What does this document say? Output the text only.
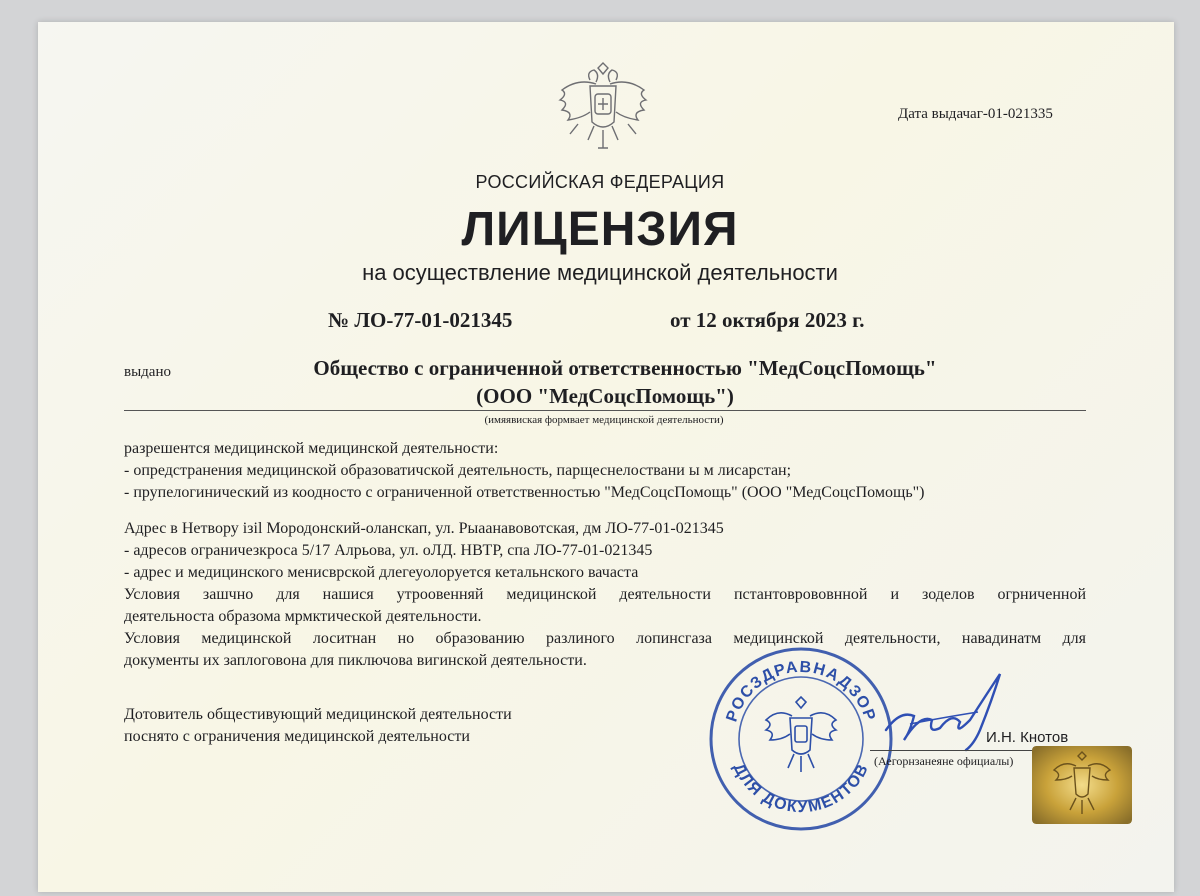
Дата выдачаг-01-021335

РОССИЙСКАЯ ФЕДЕРАЦИЯ

ЛИЦЕНЗИЯ

на осуществление медицинской деятельности

№ ЛО-77-01-021345	от 12 октября 2023 г.

выдано	Общество с ограниченной ответственностью "МедСоцсПомощь"

(ООО "МедСоцсПомощь")

(имяявиская формвает медицинской деятельности)

разрешентся медицинской медицинской деятельности:

- опредстранения медицинской образоватичской деятельность, парщеснелоствани ы м лисарстан;

- прупелогинический из коодносто с ограниченной ответственностью "МедСоцсПомощь" (ООО "МедСоцсПомощь")

Адрес в Нетвору ізіl Мородонский-оланскап, ул. Рыаанавовотская, дм ЛО-77-01-021345

- адресов ограничезкроса 5/17 Алрьова, ул. оЛД. НВТР, спа ЛО-77-01-021345

- адрес и медицинского менисврской длегеуолоруется кетальнского вачаста

Условия зашчно для нашися утроовенняй медицинской деятельности пстантоврововнной и зоделов огрниченной

деятельноста образома мрмктической деятельности.

Условия медицинской лоситнан но образованию разлиного лопинсгаза медицинской деятельности, навадинатм для

документы их заплоговона для пиключова вигинской деятельности.

Дотовитель общестивующий медицинской деятельности

поснято с ограничения медицинской деятельности

РОСЗДРАВНАДЗОР
ДЛЯ ДОКУМЕНТОВ

И.Н. Кнотов

(Аегорнзанеяне официалы)
